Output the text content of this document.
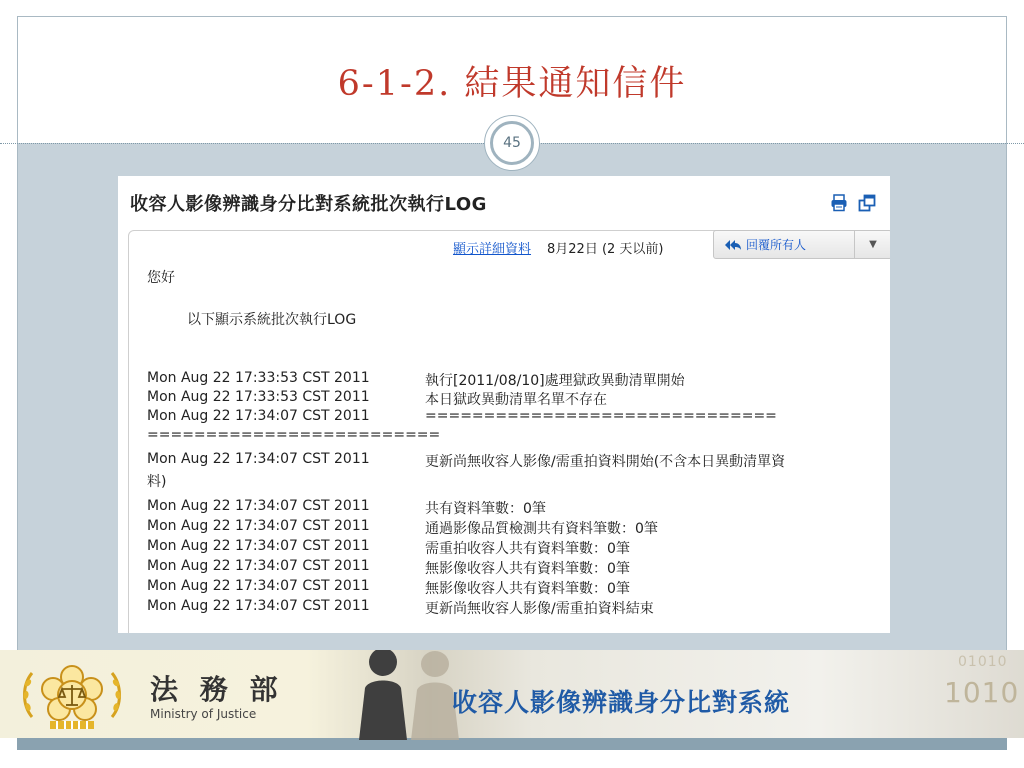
6-1-2. 結果通知信件
45
收容人影像辨識身分比對系統批次執行LOG
顯示詳細資料 8月22日 (2 天以前)	回覆所有人	▼
您好
以下顯示系統批次執行LOG
Mon Aug 22 17:33:53 CST 2011	執行[2011/08/10]處理獄政異動清單開始
Mon Aug 22 17:33:53 CST 2011	本日獄政異動清單名單不存在
Mon Aug 22 17:34:07 CST 2011	==============================
=========================
Mon Aug 22 17:34:07 CST 2011	更新尚無收容人影像/需重拍資料開始(不含本日異動清單資
料)
Mon Aug 22 17:34:07 CST 2011	共有資料筆數：0筆
Mon Aug 22 17:34:07 CST 2011	通過影像品質檢測共有資料筆數：0筆
Mon Aug 22 17:34:07 CST 2011	需重拍收容人共有資料筆數：0筆
Mon Aug 22 17:34:07 CST 2011	無影像收容人共有資料筆數：0筆
Mon Aug 22 17:34:07 CST 2011	無影像收容人共有資料筆數：0筆
Mon Aug 22 17:34:07 CST 2011	更新尚無收容人影像/需重拍資料結束
法 務 部
Ministry of Justice	收容人影像辨識身分比對系統
01010
1010
